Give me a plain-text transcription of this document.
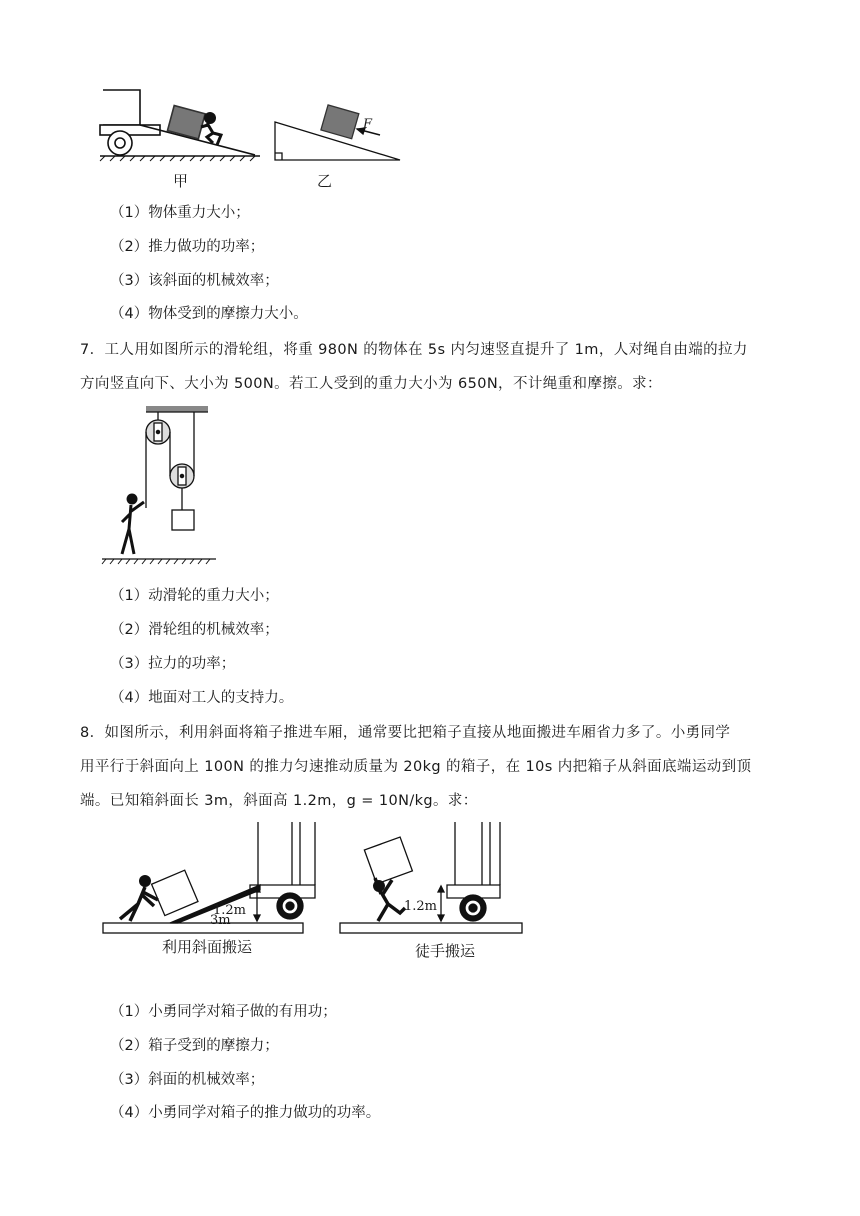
甲
F
乙
（1）物体重力大小；
（2）推力做功的功率；
（3）该斜面的机械效率；
（4）物体受到的摩擦力大小。
7．工人用如图所示的滑轮组，将重 980N 的物体在 5s 内匀速竖直提升了 1m，人对绳自由端的拉力
方向竖直向下、大小为 500N。若工人受到的重力大小为 650N，不计绳重和摩擦。求：
（1）动滑轮的重力大小；
（2）滑轮组的机械效率；
（3）拉力的功率；
（4）地面对工人的支持力。
8．如图所示，利用斜面将箱子推进车厢，通常要比把箱子直接从地面搬进车厢省力多了。小勇同学
用平行于斜面向上 100N 的推力匀速推动质量为 20kg 的箱子，在 10s 内把箱子从斜面底端运动到顶
端。已知箱斜面长 3m，斜面高 1.2m，g = 10N/kg。求：
1.2m
3m
1.2m
利用斜面搬运	徒手搬运
（1）小勇同学对箱子做的有用功；
（2）箱子受到的摩擦力；
（3）斜面的机械效率；
（4）小勇同学对箱子的推力做功的功率。
